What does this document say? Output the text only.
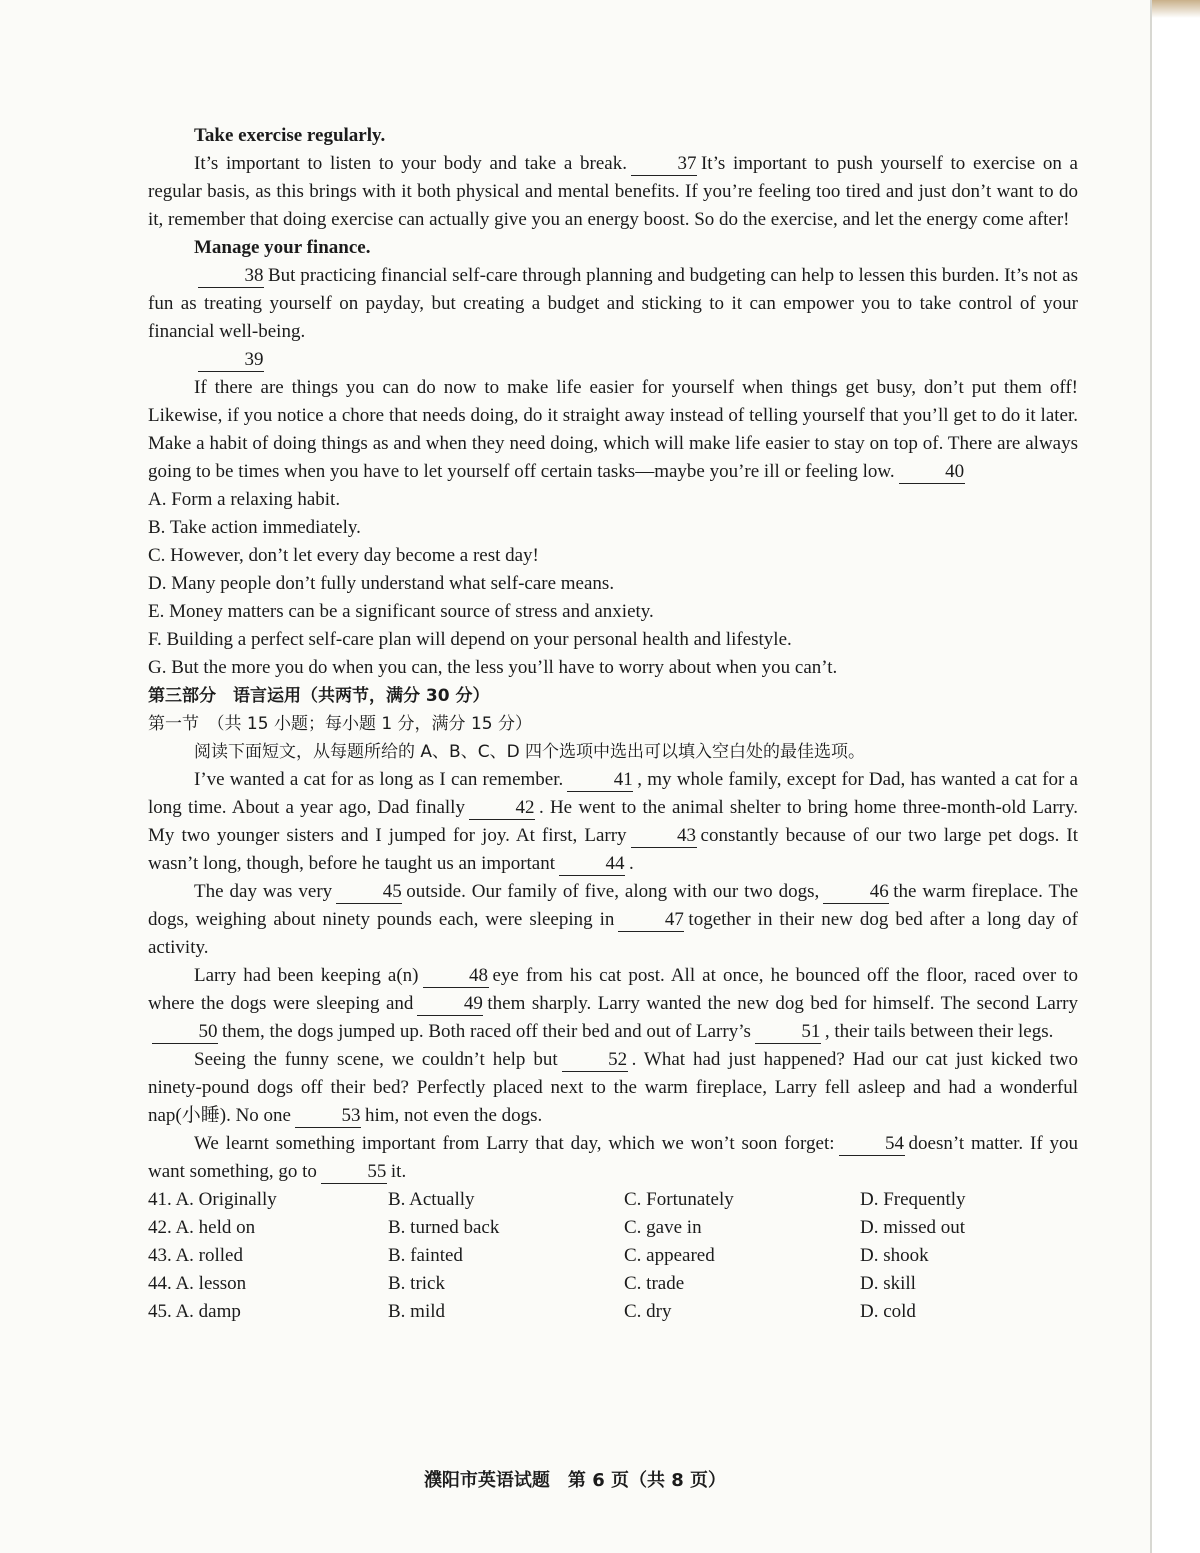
Take exercise regularly.

It’s important to listen to your body and take a break.	37 It’s important to push yourself to exercise on a regular basis, as this brings with it both physical and mental benefits. If you’re feeling too tired and just don’t want to do it, remember that doing exercise can actually give you an energy boost. So do the exercise, and let the energy come after!

Manage your finance.

38 But practicing financial self-care through planning and budgeting can help to lessen this burden. It’s not as fun as treating yourself on payday, but creating a budget and sticking to it can empower you to take control of your financial well-being.

39

If there are things you can do now to make life easier for yourself when things get busy, don’t put them off! Likewise, if you notice a chore that needs doing, do it straight away instead of telling yourself that you’ll get to do it later. Make a habit of doing things as and when they need doing, which will make life easier to stay on top of. There are always going to be times when you have to let yourself off certain tasks—maybe you’re ill or feeling low.	40

A. Form a relaxing habit.

B. Take action immediately.

C. However, don’t let every day become a rest day!

D. Many people don’t fully understand what self-care means.

E. Money matters can be a significant source of stress and anxiety.

F. Building a perfect self-care plan will depend on your personal health and lifestyle.

G. But the more you do when you can, the less you’ll have to worry about when you can’t.

第三部分　语言运用（共两节，满分 30 分）

第一节　（共 15 小题；每小题 1 分，满分 15 分）

阅读下面短文，从每题所给的 A、B、C、D 四个选项中选出可以填入空白处的最佳选项。

I’ve wanted a cat for as long as I can remember.	41 , my whole family, except for Dad, has wanted a cat for a long time. About a year ago, Dad finally	42 . He went to the animal shelter to bring home three-month-old Larry. My two younger sisters and I jumped for joy. At first, Larry	43 constantly because of our two large pet dogs. It wasn’t long, though, before he taught us an important	44 .

The day was very	45 outside. Our family of five, along with our two dogs,	46 the warm fireplace. The dogs, weighing about ninety pounds each, were sleeping in	47 together in their new dog bed after a long day of activity.

Larry had been keeping a(n)	48 eye from his cat post. All at once, he bounced off the floor, raced over to where the dogs were sleeping and	49 them sharply. Larry wanted the new dog bed for himself. The second Larry50 them, the dogs jumped up. Both raced off their bed and out of Larry’s	51 , their tails between their legs.

Seeing the funny scene, we couldn’t help but	52 . What had just happened? Had our cat just kicked two ninety-pound dogs off their bed? Perfectly placed next to the warm fireplace, Larry fell asleep and had a wonderful nap(小睡). No one	53 him, not even the dogs.

We learnt something important from Larry that day, which we won’t soon forget:	54 doesn’t matter. If you want something, go to	55 it.

41. A. Originally	B. Actually	C. Fortunately	D. Frequently
42. A. held on	B. turned back	C. gave in	D. missed out
43. A. rolled	B. fainted	C. appeared	D. shook
44. A. lesson	B. trick	C. trade	D. skill
45. A. damp	B. mild	C. dry	D. cold
濮阳市英语试题　第 6 页（共 8 页）
